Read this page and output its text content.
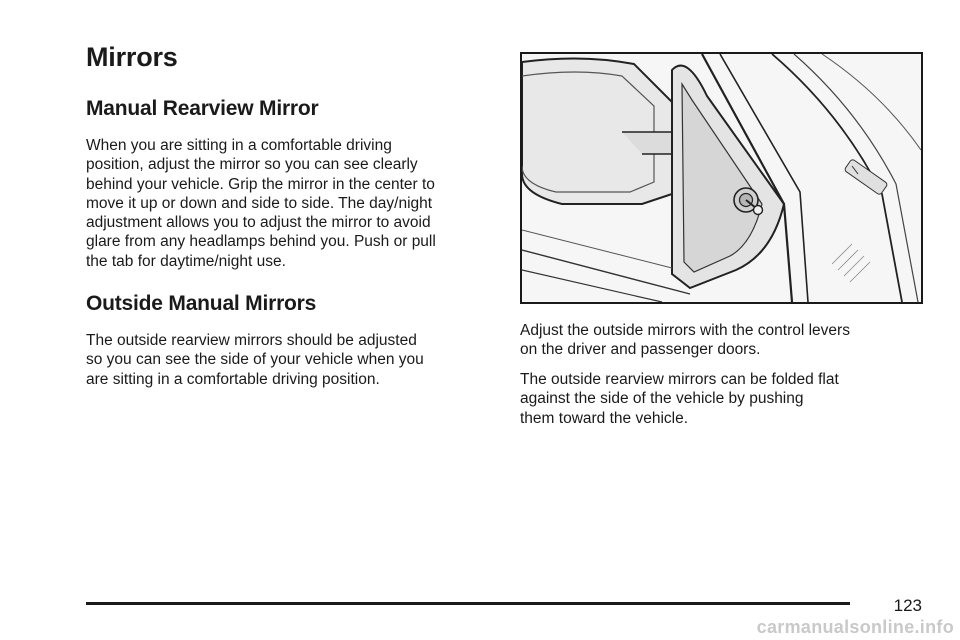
Mirrors
Manual Rearview Mirror

When you are sitting in a comfortable driving
position, adjust the mirror so you can see clearly
behind your vehicle. Grip the mirror in the center to
move it up or down and side to side. The day/night
adjustment allows you to adjust the mirror to avoid
glare from any headlamps behind you. Push or pull
the tab for daytime/night use.

Outside Manual Mirrors

The outside rearview mirrors should be adjusted
so you can see the side of your vehicle when you
are sitting in a comfortable driving position.

Adjust the outside mirrors with the control levers
on the driver and passenger doors.

The outside rearview mirrors can be folded flat
against the side of the vehicle by pushing
them toward the vehicle.

123
carmanualsonline.info
